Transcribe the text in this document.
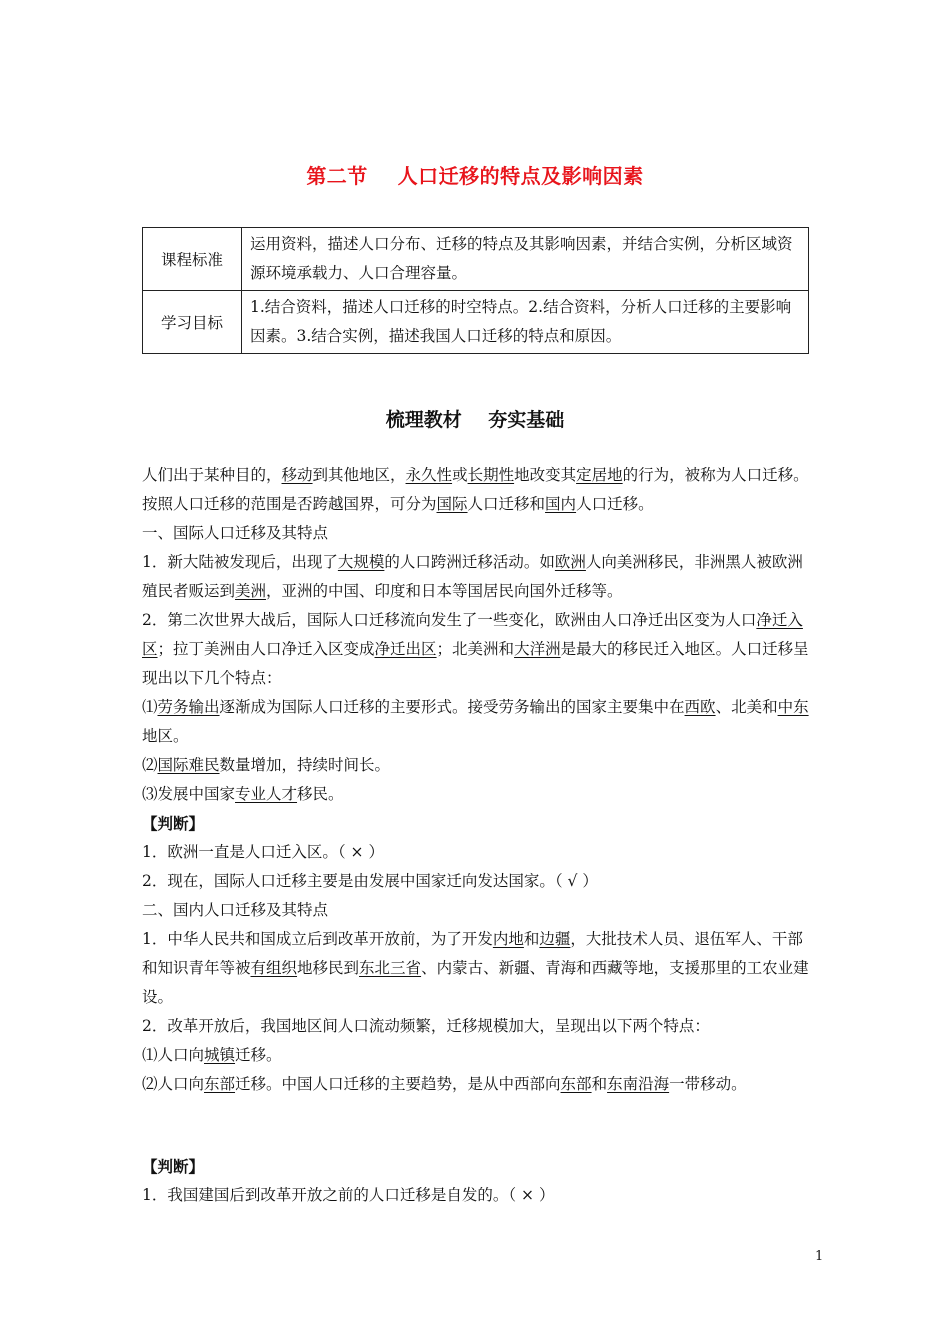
第二节    人口迁移的特点及影响因素
课程标准	运用资料，描述人口分布、迁移的特点及其影响因素，并结合实例，分析区域资源环境承载力、人口合理容量。
学习目标	1.结合资料，描述人口迁移的时空特点。2.结合资料，分析人口迁移的主要影响因素。3.结合实例，描述我国人口迁移的特点和原因。
梳理教材    夯实基础

人们出于某种目的，移动到其他地区，永久性或长期性地改变其定居地的行为，被称为人口迁移。按照人口迁移的范围是否跨越国界，可分为国际人口迁移和国内人口迁移。

一、国际人口迁移及其特点

1．新大陆被发现后，出现了大规模的人口跨洲迁移活动。如欧洲人向美洲移民，非洲黑人被欧洲殖民者贩运到美洲，亚洲的中国、印度和日本等国居民向国外迁移等。

2．第二次世界大战后，国际人口迁移流向发生了一些变化，欧洲由人口净迁出区变为人口净迁入区；拉丁美洲由人口净迁入区变成净迁出区；北美洲和大洋洲是最大的移民迁入地区。人口迁移呈现出以下几个特点：

⑴劳务输出逐渐成为国际人口迁移的主要形式。接受劳务输出的国家主要集中在西欧、北美和中东地区。

⑵国际难民数量增加，持续时间长。

⑶发展中国家专业人才移民。

【判断】

1．欧洲一直是人口迁入区。（ × ）

2．现在，国际人口迁移主要是由发展中国家迁向发达国家。（ √ ）

二、国内人口迁移及其特点

1．中华人民共和国成立后到改革开放前，为了开发内地和边疆，大批技术人员、退伍军人、干部和知识青年等被有组织地移民到东北三省、内蒙古、新疆、青海和西藏等地，支援那里的工农业建设。

2．改革开放后，我国地区间人口流动频繁，迁移规模加大，呈现出以下两个特点：

⑴人口向城镇迁移。

⑵人口向东部迁移。中国人口迁移的主要趋势，是从中西部向东部和东南沿海一带移动。

【判断】

1．我国建国后到改革开放之前的人口迁移是自发的。（ × ）

1
